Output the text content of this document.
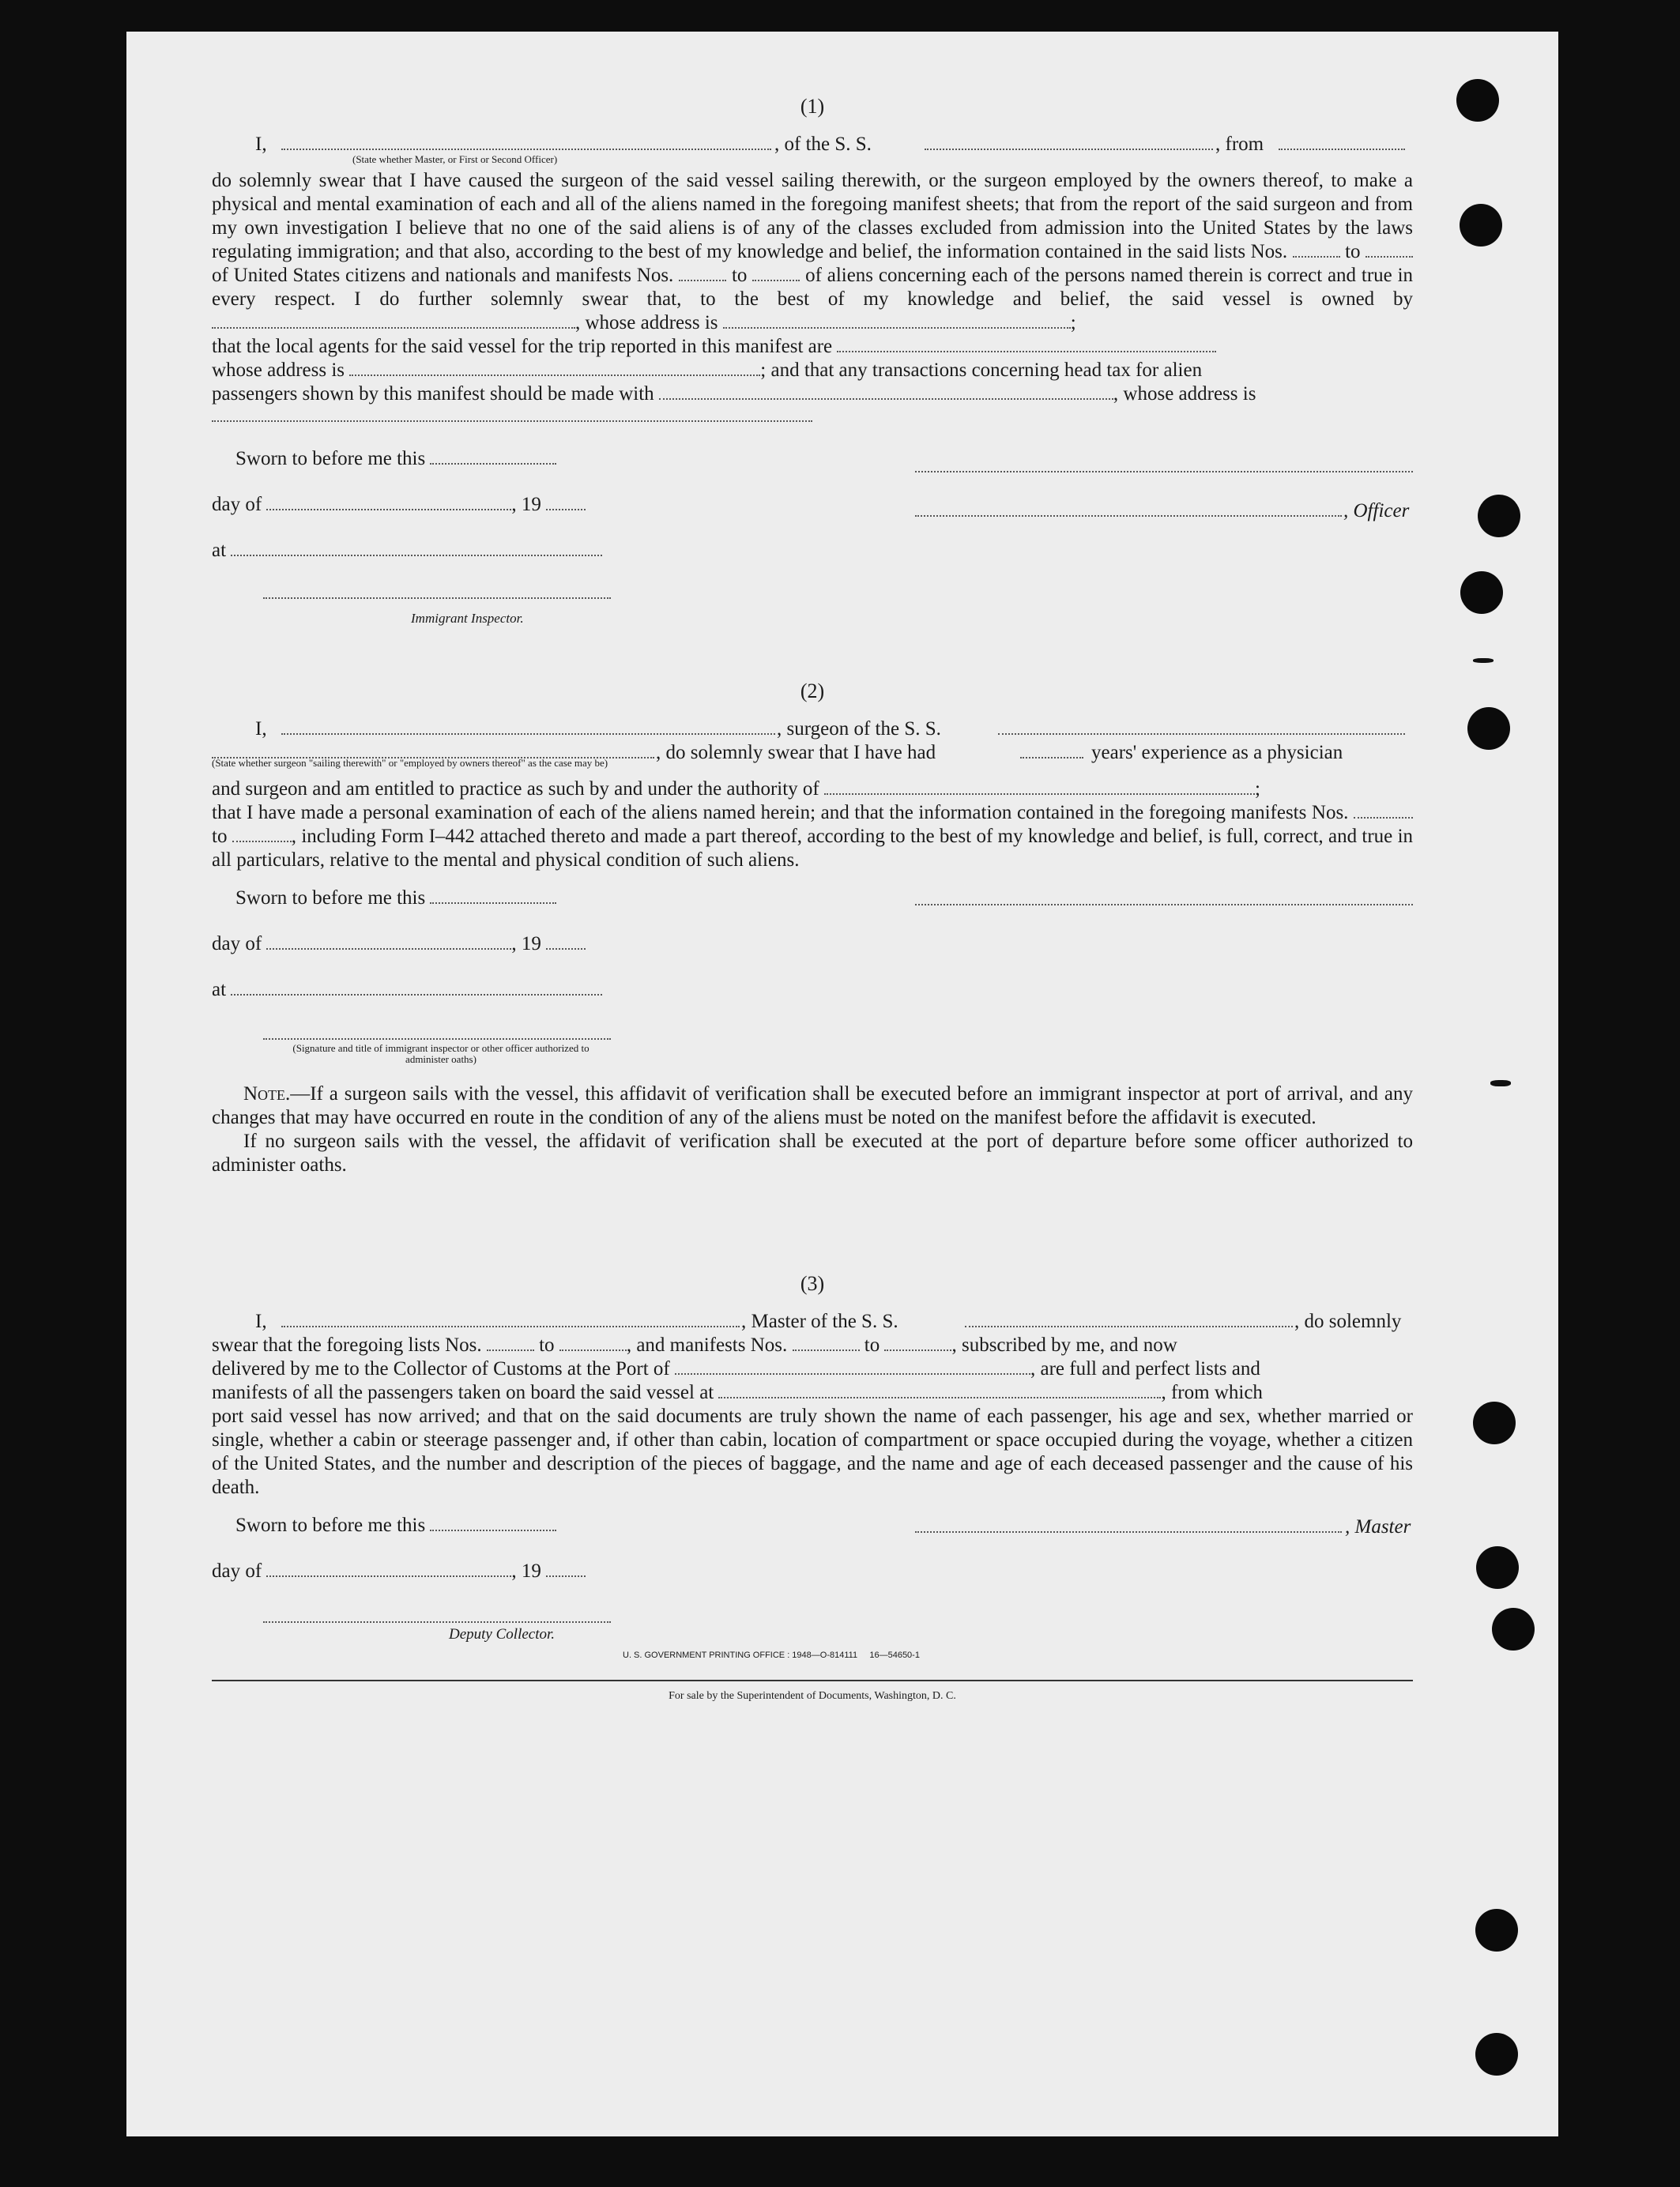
(1)

I,	, of the S. S.	, from
(State whether Master, or First or Second Officer)

do solemnly swear that I have caused the surgeon of the said vessel sailing therewith, or the surgeon employed by the owners thereof, to make a physical and mental examination of each and all of the aliens named in the foregoing manifest sheets; that from the report of the said surgeon and from my own investigation I believe that no one of the said aliens is of any of the classes excluded from admission into the United States by the laws regulating immigration; and that also, according to the best of my knowledge and belief, the information contained in the said lists Nos.	to  of United States citizens and nationals and manifests Nos.	to	of aliens concerning each of the persons named therein is correct and true in every respect. I do further solemnly swear that, to the best of my knowledge and belief, the said vessel is owned by , whose address is	;

that the local agents for the said vessel for the trip reported in this manifest are

whose address is	; and that any transactions concerning head tax for alien

passengers shown by this manifest should be made with	, whose address is

Sworn to before me this
day of	, 19
at
Immigrant Inspector.
, Officer

(2)

I,	, surgeon of the S. S.
, do solemnly swear that I have had	years' experience as a physician
(State whether surgeon "sailing therewith" or "employed by owners thereof" as the case may be)

and surgeon and am entitled to practice as such by and under the authority of	;

that I have made a personal examination of each of the aliens named herein; and that the information contained in the foregoing manifests Nos.  to	, including Form I–442 attached thereto and made a part thereof, according to the best of my knowledge and belief, is full, correct, and true in all particulars, relative to the mental and physical condition of such aliens.

Sworn to before me this
day of	, 19
at
(Signature and title of immigrant inspector or other officer authorized to administer oaths)

Note.—If a surgeon sails with the vessel, this affidavit of verification shall be executed before an immigrant inspector at port of arrival, and any changes that may have occurred en route in the condition of any of the aliens must be noted on the manifest before the affidavit is executed.

If no surgeon sails with the vessel, the affidavit of verification shall be executed at the port of departure before some officer authorized to administer oaths.

(3)

I,	, Master of the S. S.	, do solemnly

swear that the foregoing lists Nos.	to	, and manifests Nos.	to	, subscribed by me, and now

delivered by me to the Collector of Customs at the Port of	, are full and perfect lists and

manifests of all the passengers taken on board the said vessel at	, from which

port said vessel has now arrived; and that on the said documents are truly shown the name of each passenger, his age and sex, whether married or single, whether a cabin or steerage passenger and, if other than cabin, location of compartment or space occupied during the voyage, whether a citizen of the United States, and the number and description of the pieces of baggage, and the name and age of each deceased passenger and the cause of his death.

Sworn to before me this	, Master
day of	, 19
Deputy Collector.
U. S. GOVERNMENT PRINTING OFFICE : 1948—O-814111     16—54650-1

For sale by the Superintendent of Documents, Washington, D. C.
